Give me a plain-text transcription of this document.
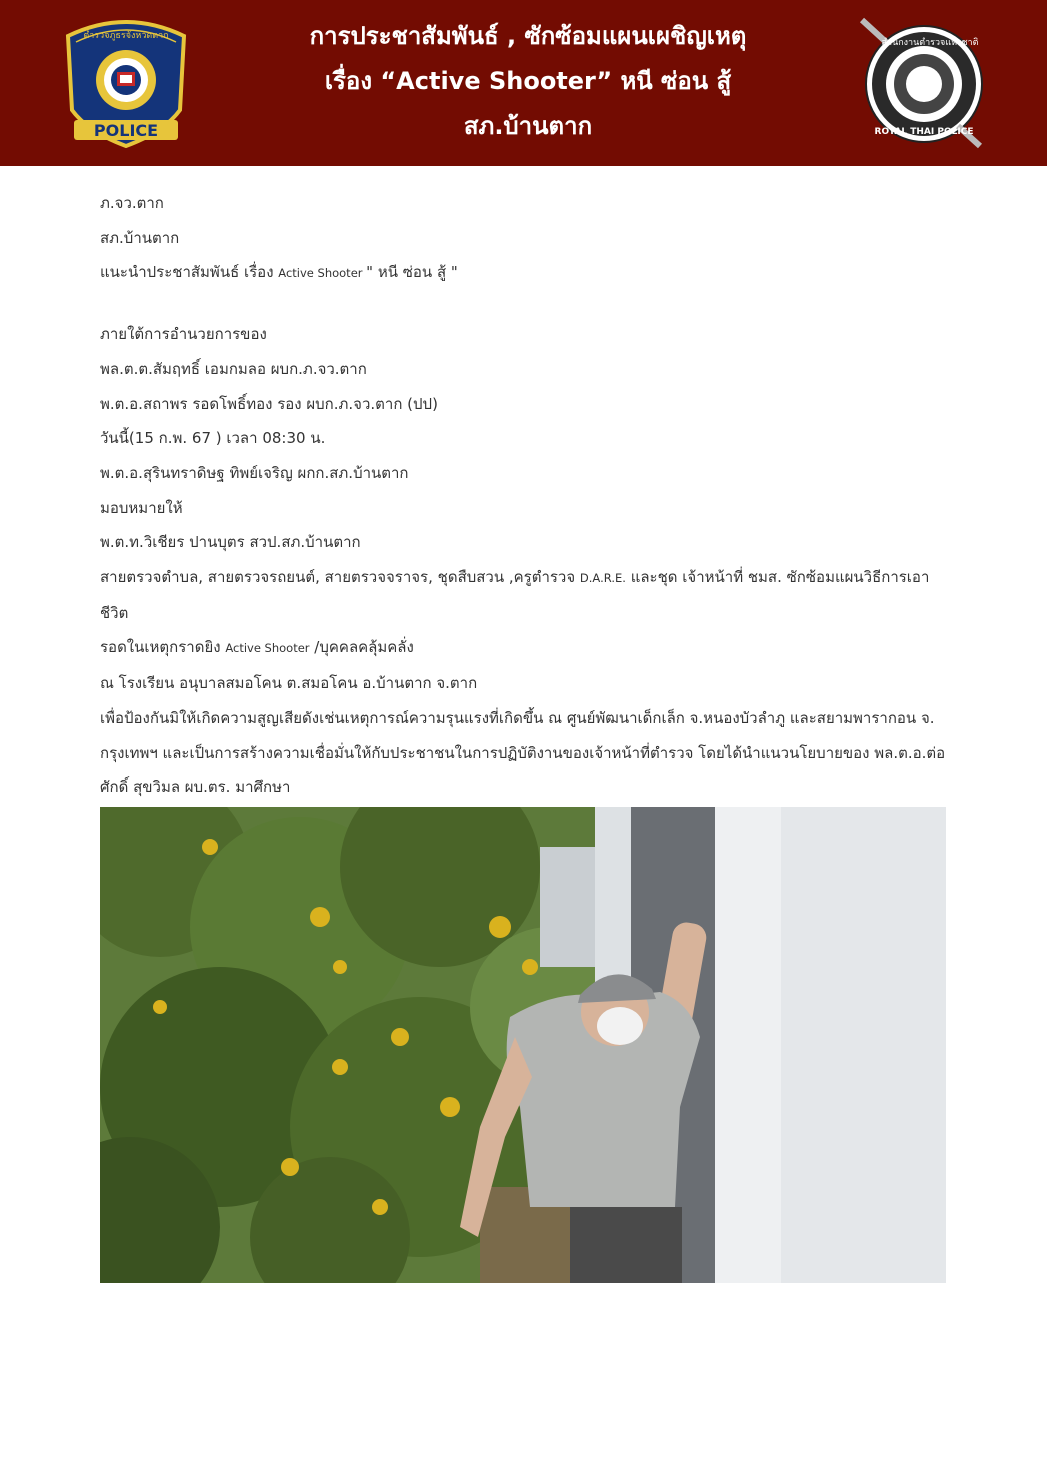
ตำรวจภูธรจังหวัดตาก
POLICE
การประชาสัมพันธ์ , ซักซ้อมแผนเผชิญเหตุ
เรื่อง “Active Shooter” หนี ซ่อน สู้
สภ.บ้านตาก
สำนักงานตำรวจแห่งชาติ
ROYAL THAI POLICE

ภ.จว.ตาก

สภ.บ้านตาก

แนะนำประชาสัมพันธ์ เรื่อง Active Shooter " หนี ซ่อน สู้ "

ภายใต้การอำนวยการของ

พล.ต.ต.สัมฤทธิ์ เอมกมลอ ผบก.ภ.จว.ตาก

พ.ต.อ.สถาพร รอดโพธิ์ทอง รอง ผบก.ภ.จว.ตาก (ปป)

วันนี้(15 ก.พ. 67 ) เวลา 08:30 น.

พ.ต.อ.สุรินทราดิษฐ ทิพย์เจริญ ผกก.สภ.บ้านตาก

มอบหมายให้

พ.ต.ท.วิเชียร ปานบุตร สวป.สภ.บ้านตาก

สายตรวจตำบล, สายตรวจรถยนต์, สายตรวจจราจร, ชุดสืบสวน ,ครูตำรวจ D.A.R.E. และชุด เจ้าหน้าที่ ชมส. ซักซ้อมแผนวิธีการเอาชีวิต

รอดในเหตุกราดยิง Active Shooter /บุคคลคลุ้มคลั่ง

ณ โรงเรียน อนุบาลสมอโคน ต.สมอโคน อ.บ้านตาก จ.ตาก

เพื่อป้องกันมิให้เกิดความสูญเสียดังเช่นเหตุการณ์ความรุนแรงที่เกิดขึ้น ณ ศูนย์พัฒนาเด็กเล็ก จ.หนองบัวลำภู และสยามพารากอน จ.

กรุงเทพฯ และเป็นการสร้างความเชื่อมั่นให้กับประชาชนในการปฏิบัติงานของเจ้าหน้าที่ตำรวจ โดยได้นำแนวนโยบายของ พล.ต.อ.ต่อ

ศักดิ์ สุขวิมล ผบ.ตร. มาศึกษา
